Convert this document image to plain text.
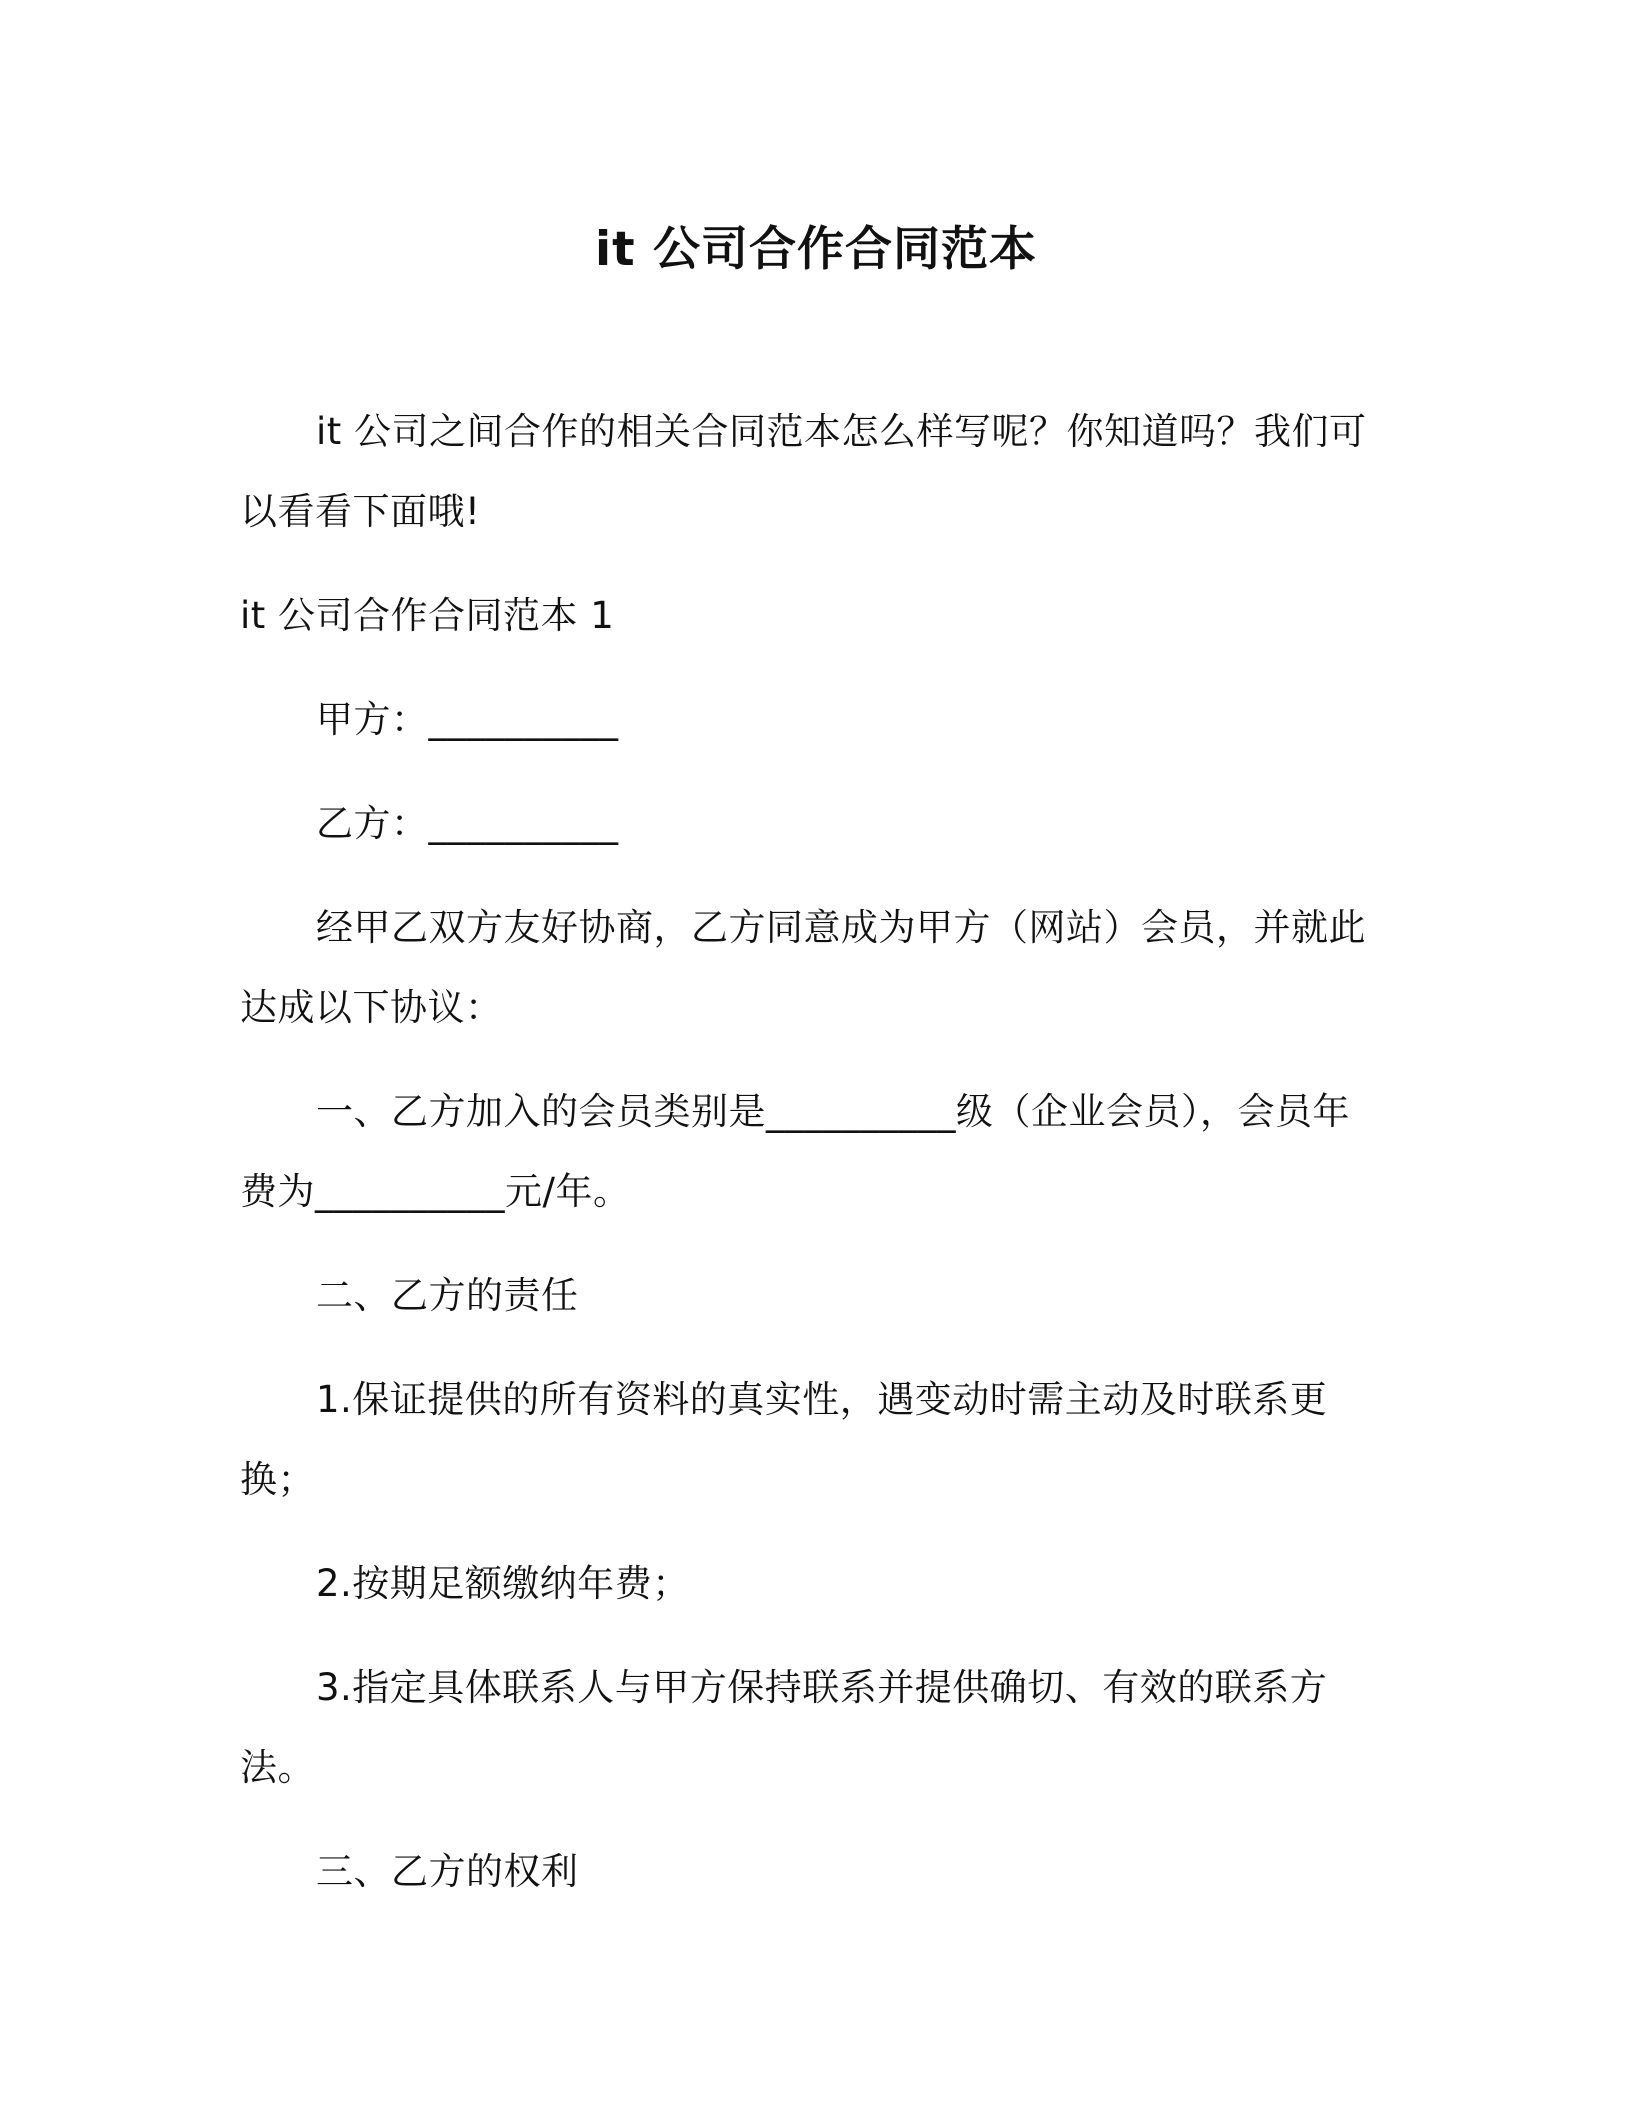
it 公司合作合同范本

it 公司之间合作的相关合同范本怎么样写呢？你知道吗？我们可以看看下面哦!

it 公司合作合同范本 1

甲方：__________

乙方：__________

经甲乙双方友好协商，乙方同意成为甲方（网站）会员，并就此达成以下协议：

一、乙方加入的会员类别是__________级（企业会员），会员年费为__________元/年。

二、乙方的责任

1.保证提供的所有资料的真实性，遇变动时需主动及时联系更换；

2.按期足额缴纳年费；

3.指定具体联系人与甲方保持联系并提供确切、有效的联系方法。

三、乙方的权利
